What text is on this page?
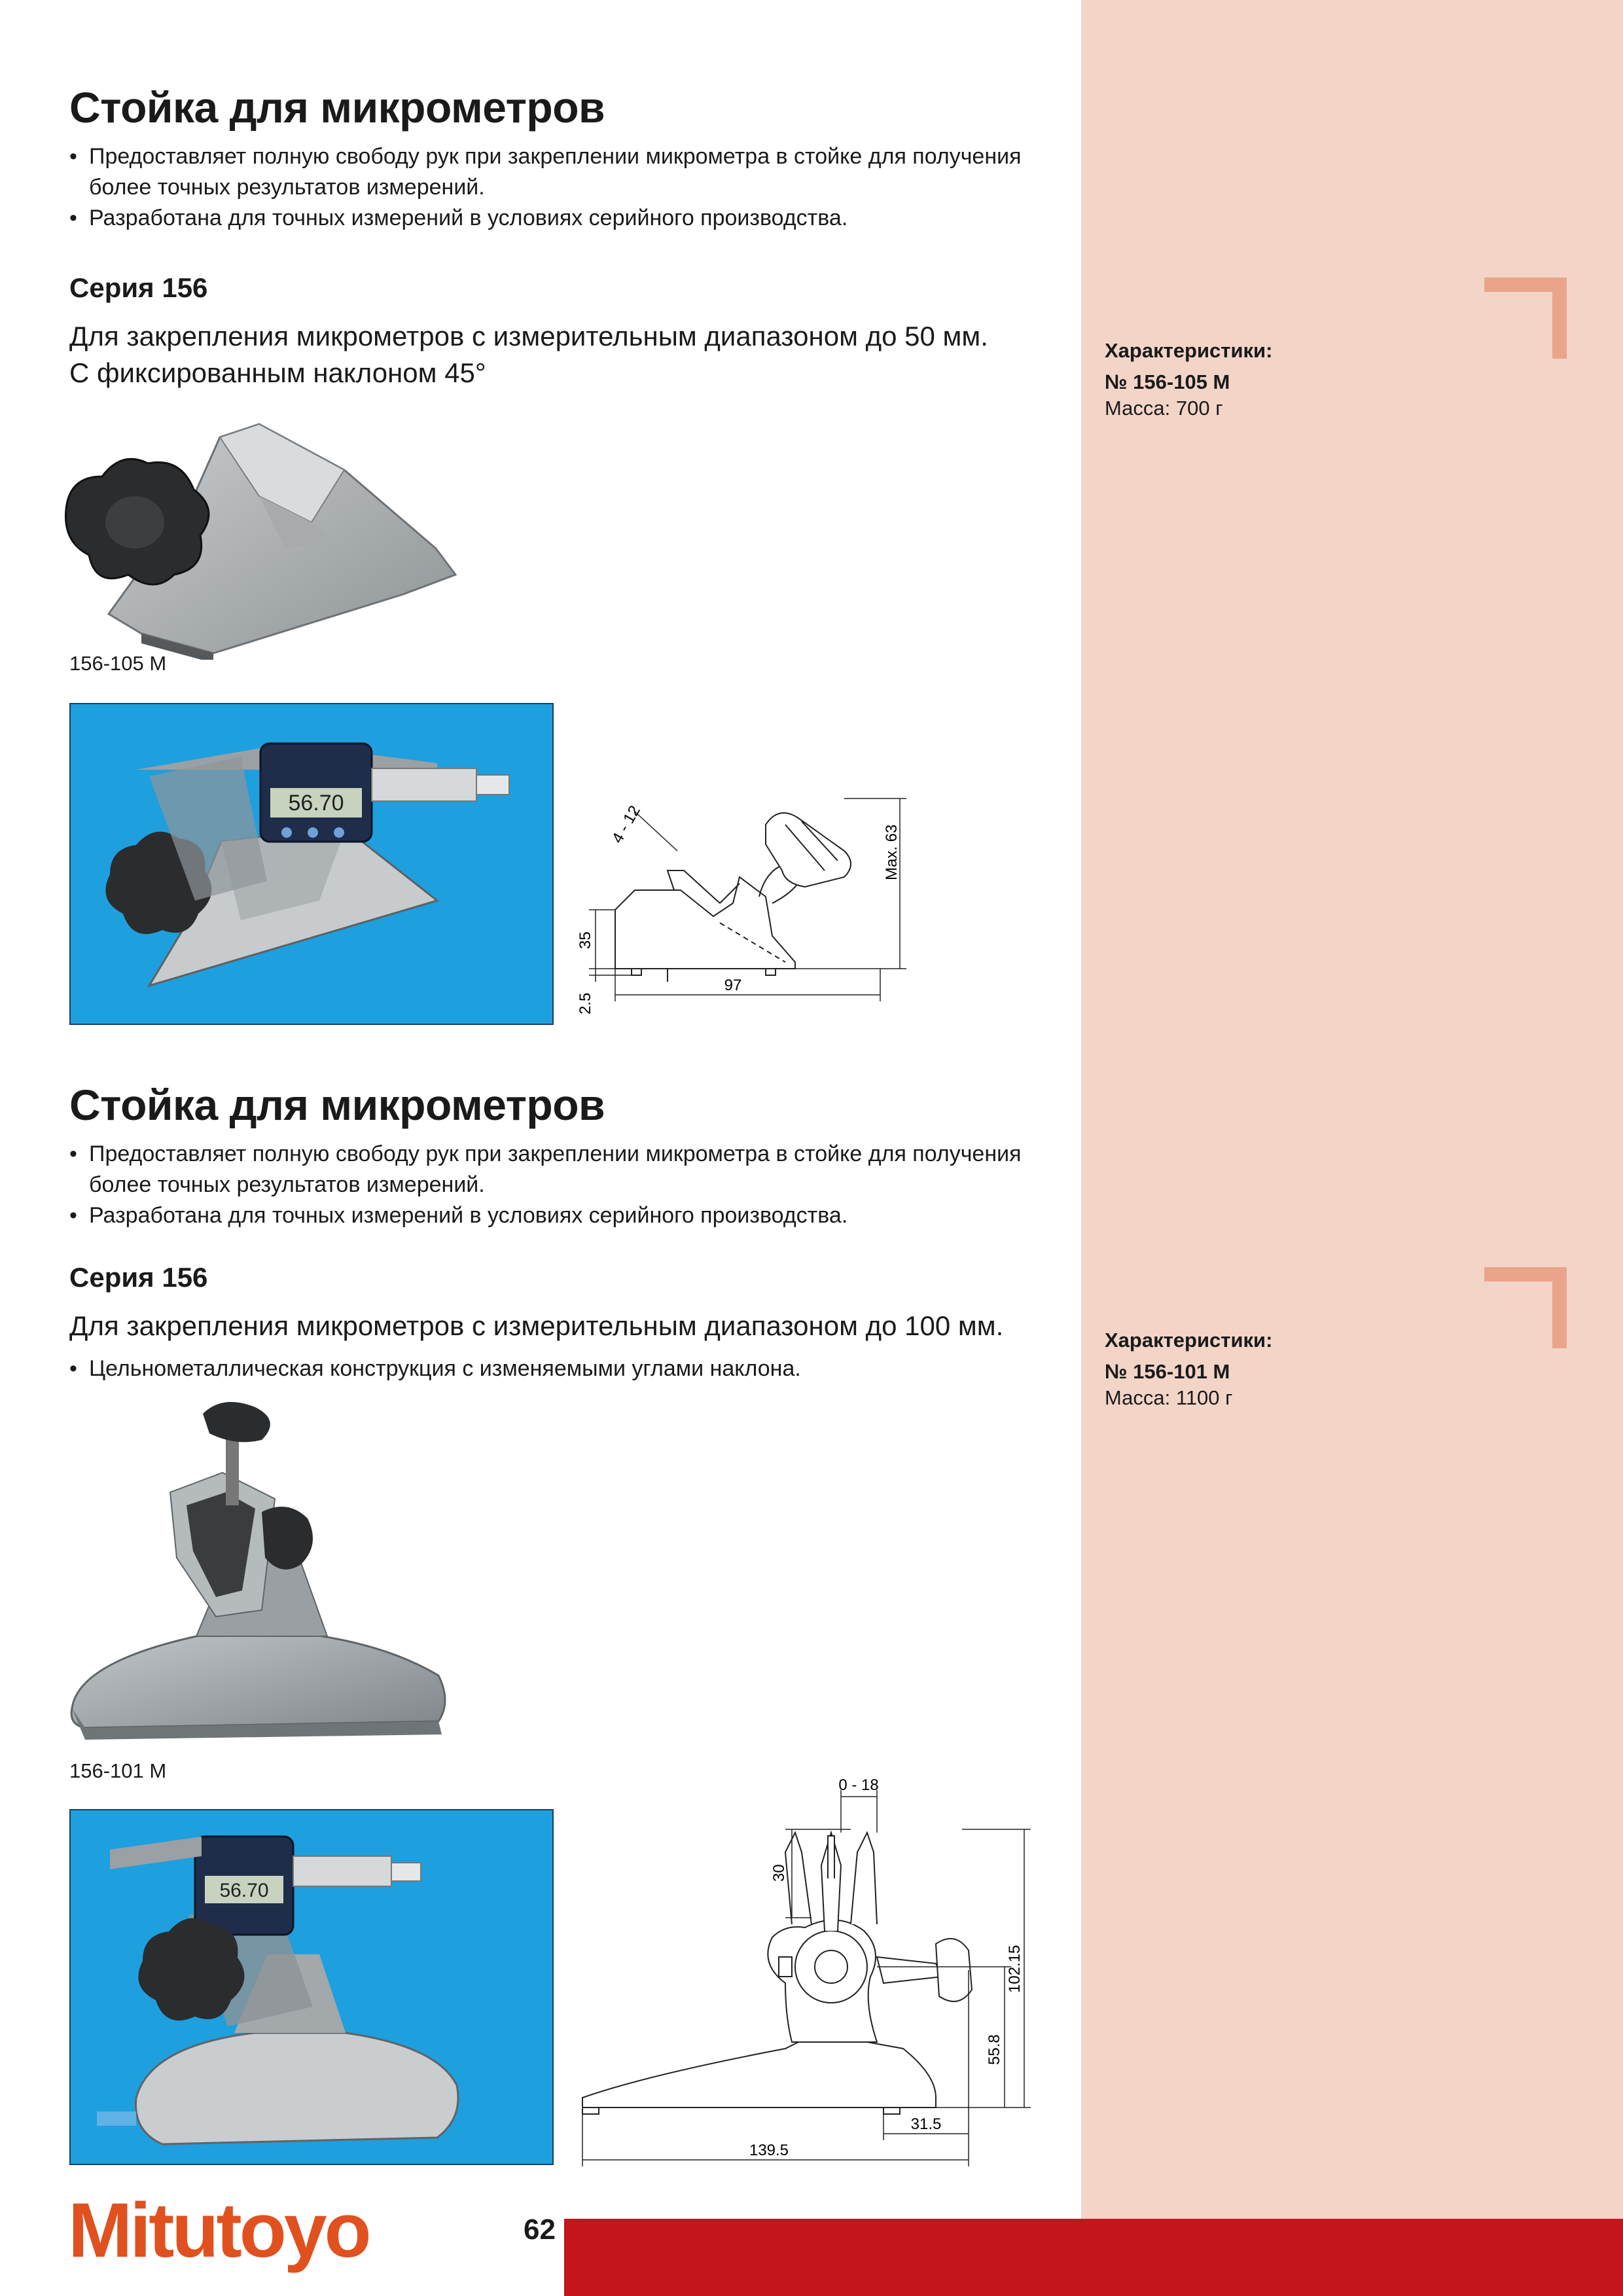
Характеристики:
№ 156-105 M
Масса: 700 г
Характеристики:
№ 156-101 M
Масса: 1100 г
Стойка для микрометров
• Предоставляет полную свободу рук при закреплении микрометра в стойке для получения более точных результатов измерений.
• Разработана для точных измерений в условиях серийного производства.
Серия 156
Для закрепления микрометров с измерительным диапазоном до 50 мм.
С фиксированным наклоном 45°
156-105 M
56.70	4 - 12	Max. 63
35
2.5
97
Стойка для микрометров
• Предоставляет полную свободу рук при закреплении микрометра в стойке для получения более точных результатов измерений.
• Разработана для точных измерений в условиях серийного производства.
Серия 156
Для закрепления микрометров с измерительным диапазоном до 100 мм.
• Цельнометаллическая конструкция с изменяемыми углами наклона.
156-101 M
56.70
0 - 18
30
102.15
55.8
31.5
139.5
Mitutoyo	62
